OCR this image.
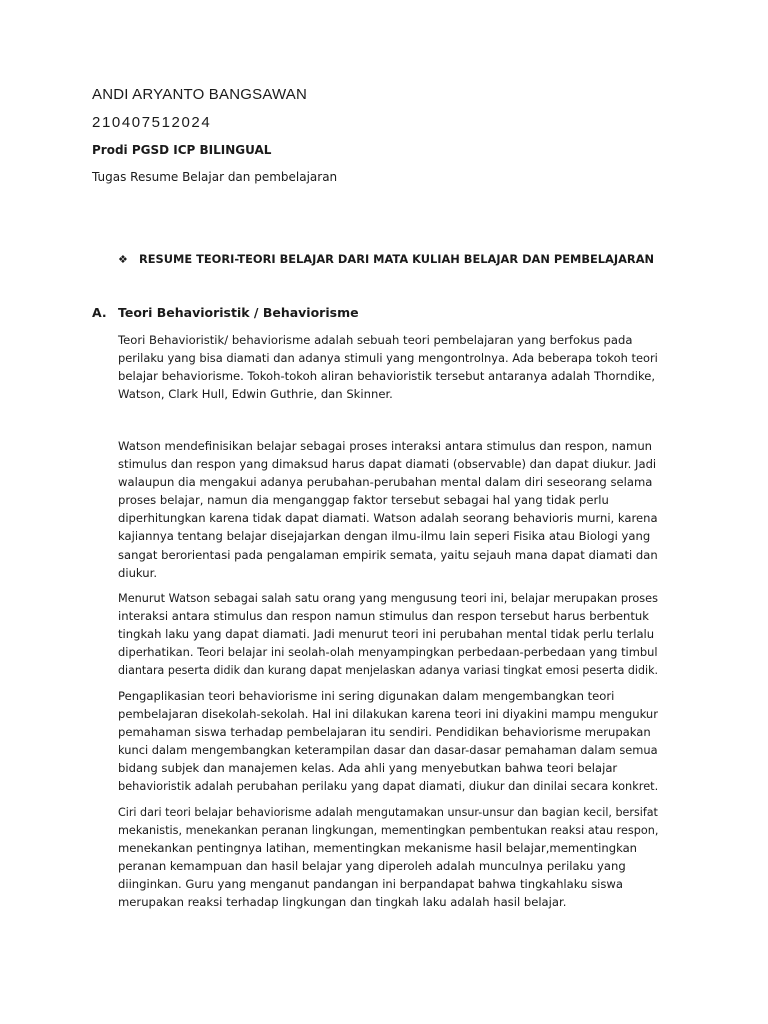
ANDI ARYANTO BANGSAWAN
210407512024
Prodi PGSD ICP BILINGUAL
Tugas Resume Belajar dan pembelajaran
❖ RESUME TEORI-TEORI BELAJAR DARI MATA KULIAH BELAJAR DAN PEMBELAJARAN
A. Teori Behavioristik / Behaviorisme
Teori Behavioristik/ behaviorisme adalah sebuah teori pembelajaran yang berfokus pada
perilaku yang bisa diamati dan adanya stimuli yang mengontrolnya. Ada beberapa tokoh teori
belajar behaviorisme. Tokoh-tokoh aliran behavioristik tersebut antaranya adalah Thorndike,
Watson, Clark Hull, Edwin Guthrie, dan Skinner.
Watson mendefinisikan belajar sebagai proses interaksi antara stimulus dan respon, namun
stimulus dan respon yang dimaksud harus dapat diamati (observable) dan dapat diukur. Jadi
walaupun dia mengakui adanya perubahan-perubahan mental dalam diri seseorang selama
proses belajar, namun dia menganggap faktor tersebut sebagai hal yang tidak perlu
diperhitungkan karena tidak dapat diamati. Watson adalah seorang behavioris murni, karena
kajiannya tentang belajar disejajarkan dengan ilmu-ilmu lain seperi Fisika atau Biologi yang
sangat berorientasi pada pengalaman empirik semata, yaitu sejauh mana dapat diamati dan
diukur.
Menurut Watson sebagai salah satu orang yang mengusung teori ini, belajar merupakan proses
interaksi antara stimulus dan respon namun stimulus dan respon tersebut harus berbentuk
tingkah laku yang dapat diamati. Jadi menurut teori ini perubahan mental tidak perlu terlalu
diperhatikan. Teori belajar ini seolah-olah menyampingkan perbedaan-perbedaan yang timbul
diantara peserta didik dan kurang dapat menjelaskan adanya variasi tingkat emosi peserta didik.
Pengaplikasian teori behaviorisme ini sering digunakan dalam mengembangkan teori
pembelajaran disekolah-sekolah. Hal ini dilakukan karena teori ini diyakini mampu mengukur
pemahaman siswa terhadap pembelajaran itu sendiri. Pendidikan behaviorisme merupakan
kunci dalam mengembangkan keterampilan dasar dan dasar-dasar pemahaman dalam semua
bidang subjek dan manajemen kelas. Ada ahli yang menyebutkan bahwa teori belajar
behavioristik adalah perubahan perilaku yang dapat diamati, diukur dan dinilai secara konkret.
Ciri dari teori belajar behaviorisme adalah mengutamakan unsur-unsur dan bagian kecil, bersifat
mekanistis, menekankan peranan lingkungan, mementingkan pembentukan reaksi atau respon,
menekankan pentingnya latihan, mementingkan mekanisme hasil belajar,mementingkan
peranan kemampuan dan hasil belajar yang diperoleh adalah munculnya perilaku yang
diinginkan. Guru yang menganut pandangan ini berpandapat bahwa tingkahlaku siswa
merupakan reaksi terhadap lingkungan dan tingkah laku adalah hasil belajar.
